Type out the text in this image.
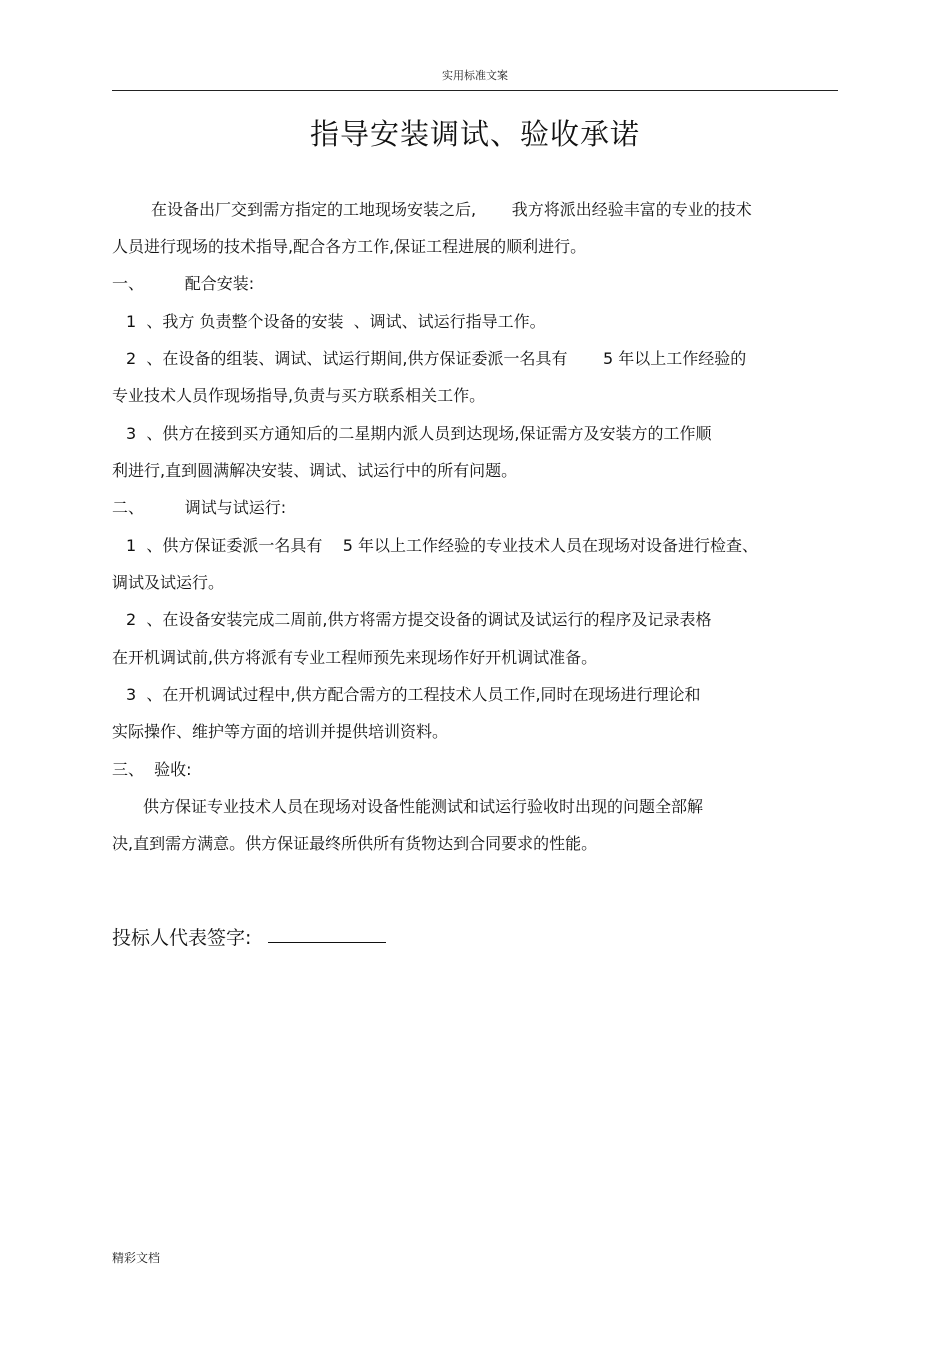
实用标准文案
指导安装调试、验收承诺
在设备出厂交到需方指定的工地现场安装之后,       我方将派出经验丰富的专业的技术
人员进行现场的技术指导,配合各方工作,保证工程进展的顺利进行。
一、        配合安装:
1  、我方 负责整个设备的安装  、调试、试运行指导工作。
2  、在设备的组装、调试、试运行期间,供方保证委派一名具有       5 年以上工作经验的
专业技术人员作现场指导,负责与买方联系相关工作。
3  、供方在接到买方通知后的二星期内派人员到达现场,保证需方及安装方的工作顺
利进行,直到圆满解决安装、调试、试运行中的所有问题。
二、        调试与试运行:
1  、供方保证委派一名具有    5 年以上工作经验的专业技术人员在现场对设备进行检查、
调试及试运行。
2  、在设备安装完成二周前,供方将需方提交设备的调试及试运行的程序及记录表格
在开机调试前,供方将派有专业工程师预先来现场作好开机调试准备。
3  、在开机调试过程中,供方配合需方的工程技术人员工作,同时在现场进行理论和
实际操作、维护等方面的培训并提供培训资料。
三、  验收:
供方保证专业技术人员在现场对设备性能测试和试运行验收时出现的问题全部解
决,直到需方满意。供方保证最终所供所有货物达到合同要求的性能。
投标人代表签字:
精彩文档
